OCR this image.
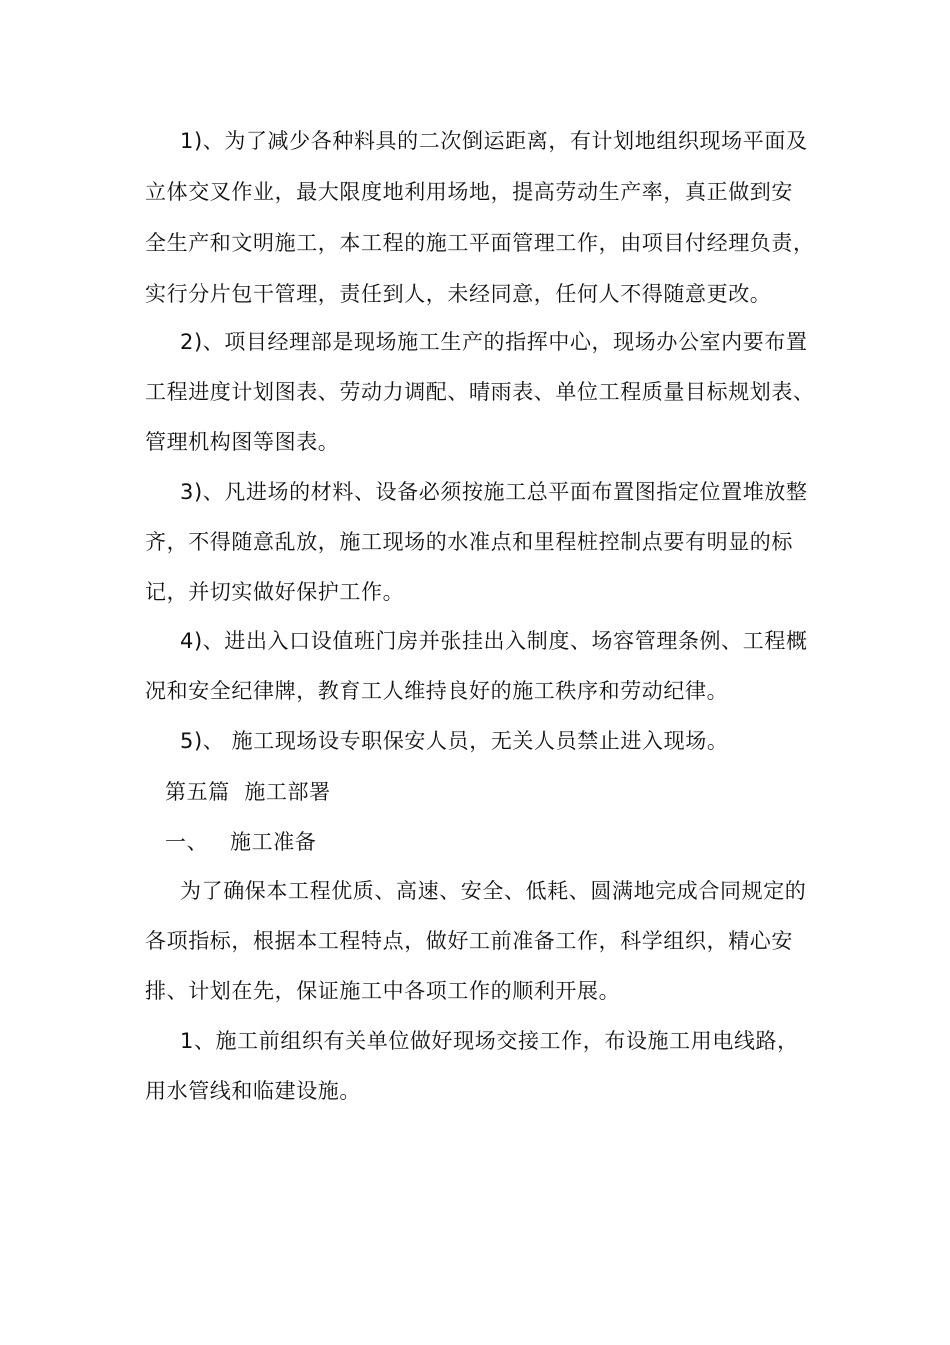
1)、为了减少各种料具的二次倒运距离，有计划地组织现场平面及
立体交叉作业，最大限度地利用场地，提高劳动生产率，真正做到安
全生产和文明施工，本工程的施工平面管理工作，由项目付经理负责，
实行分片包干管理，责任到人，未经同意，任何人不得随意更改。
2)、项目经理部是现场施工生产的指挥中心，现场办公室内要布置
工程进度计划图表、劳动力调配、晴雨表、单位工程质量目标规划表、
管理机构图等图表。
3)、凡进场的材料、设备必须按施工总平面布置图指定位置堆放整
齐，不得随意乱放，施工现场的水准点和里程桩控制点要有明显的标
记，并切实做好保护工作。
4)、进出入口设值班门房并张挂出入制度、场容管理条例、工程概
况和安全纪律牌，教育工人维持良好的施工秩序和劳动纪律。
5)、 施工现场设专职保安人员，无关人员禁止进入现场。
第五篇  施工部署
一、   施工准备
为了确保本工程优质、高速、安全、低耗、圆满地完成合同规定的
各项指标，根据本工程特点，做好工前准备工作，科学组织，精心安
排、计划在先，保证施工中各项工作的顺利开展。
1、施工前组织有关单位做好现场交接工作，布设施工用电线路，
用水管线和临建设施。
